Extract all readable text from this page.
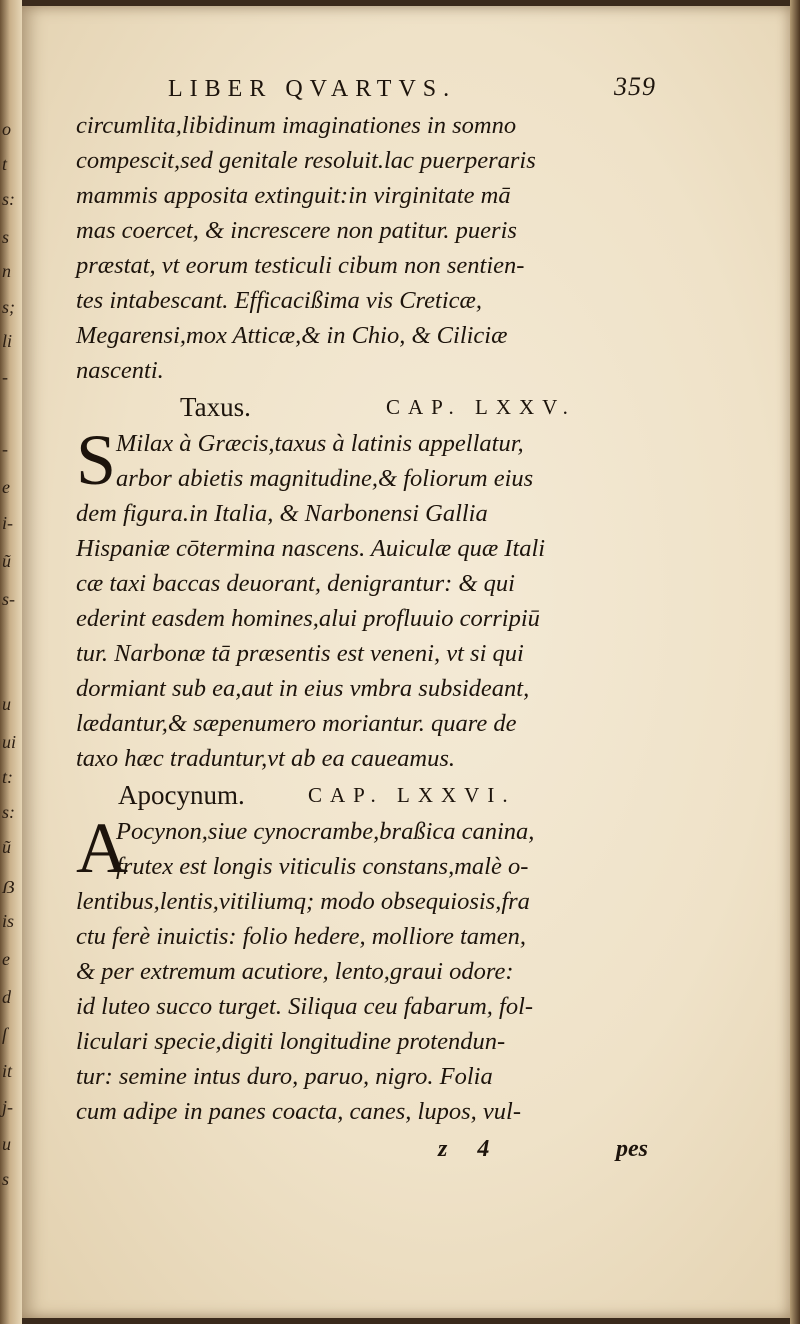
o
t
s:
s
n
s;
li
-
-
e
i-
ũ
s-
u
ui
t:
s:
ũ
ẞ
is
e
d
ſ
it
j-
u
s
LIBER QVARTVS.	359
circumlita,libidinum imaginationes in somno
compescit,sed genitale resoluit.lac puerperaris
mammis apposita extinguit:in virginitate mā
mas coercet, & increscere non patitur. pueris
præstat, vt eorum testiculi cibum non sentien-
tes intabescant. Efficacißima vis Creticæ,
Megarensi,mox Atticæ,& in Chio, & Ciliciæ
nascenti.
Taxus.	CAP. LXXV.
S Milax à Græcis,taxus à latinis appellatur,
arbor abietis magnitudine,& foliorum eius
dem figura.in Italia, & Narbonensi Gallia
Hispaniæ cōtermina nascens. Auiculæ quæ Itali
cæ taxi baccas deuorant, denigrantur: & qui
ederint easdem homines,alui profluuio corripiū
tur. Narbonæ tā præsentis est veneni, vt si qui
dormiant sub ea,aut in eius vmbra subsideant,
lædantur,& sæpenumero moriantur. quare de
taxo hæc traduntur,vt ab ea caueamus.
Apocynum.	CAP. LXXVI.
A
Pocynon,siue cynocrambe,braßica canina,
frutex est longis viticulis constans,malè o-
lentibus,lentis,vitiliumq; modo obsequiosis,fra
ctu ferè inuictis: folio hedere, molliore tamen,
& per extremum acutiore, lento,graui odore:
id luteo succo turget. Siliqua ceu fabarum, fol-
liculari specie,digiti longitudine protendun-
tur: semine intus duro, paruo, nigro. Folia
cum adipe in panes coacta, canes, lupos, vul-
z 4	pes
